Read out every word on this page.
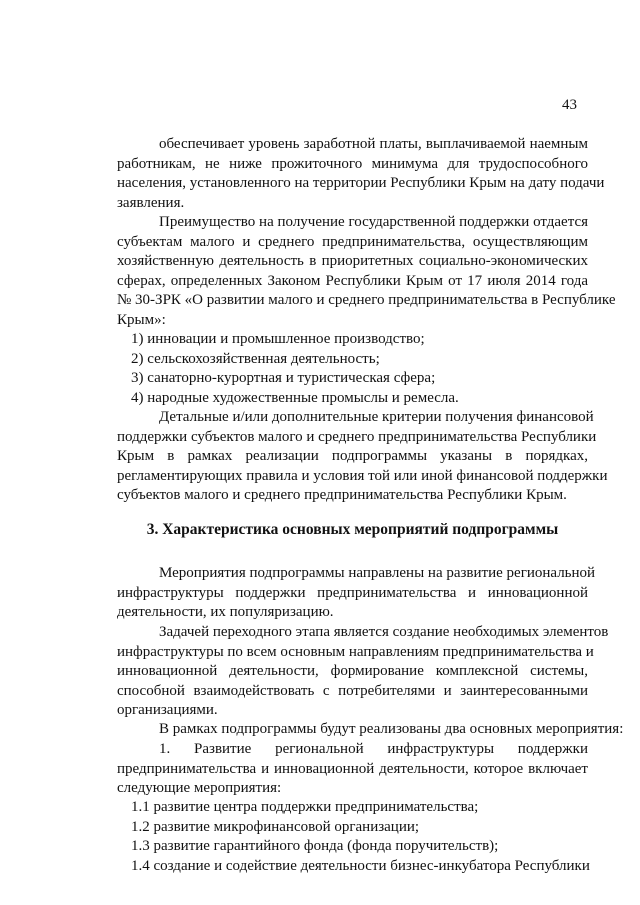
43
обеспечивает уровень заработной платы, выплачиваемой наемным
работникам, не ниже прожиточного минимума для трудоспособного
населения, установленного на территории Республики Крым на дату подачи
заявления.
Преимущество на получение государственной поддержки отдается
субъектам малого и среднего предпринимательства, осуществляющим
хозяйственную деятельность в приоритетных социально-экономических
сферах, определенных Законом Республики Крым от 17 июля 2014 года
№ 30-ЗРК «О развитии малого и среднего предпринимательства в Республике
Крым»:
1) инновации и промышленное производство;
2) сельскохозяйственная деятельность;
3) санаторно-курортная и туристическая сфера;
4) народные художественные промыслы и ремесла.
Детальные и/или дополнительные критерии получения финансовой
поддержки субъектов малого и среднего предпринимательства Республики
Крым в рамках реализации подпрограммы указаны в порядках,
регламентирующих правила и условия той или иной финансовой поддержки
субъектов малого и среднего предпринимательства Республики Крым.
3. Характеристика основных мероприятий подпрограммы
Мероприятия подпрограммы направлены на развитие региональной
инфраструктуры поддержки предпринимательства и инновационной
деятельности, их популяризацию.
Задачей переходного этапа является создание необходимых элементов
инфраструктуры по всем основным направлениям предпринимательства и
инновационной деятельности, формирование комплексной системы,
способной взаимодействовать с потребителями и заинтересованными
организациями.
В рамках подпрограммы будут реализованы два основных мероприятия:
1. Развитие региональной инфраструктуры поддержки
предпринимательства и инновационной деятельности, которое включает
следующие мероприятия:
1.1 развитие центра поддержки предпринимательства;
1.2 развитие микрофинансовой организации;
1.3 развитие гарантийного фонда (фонда поручительств);
1.4 создание и содействие деятельности бизнес-инкубатора Республики
